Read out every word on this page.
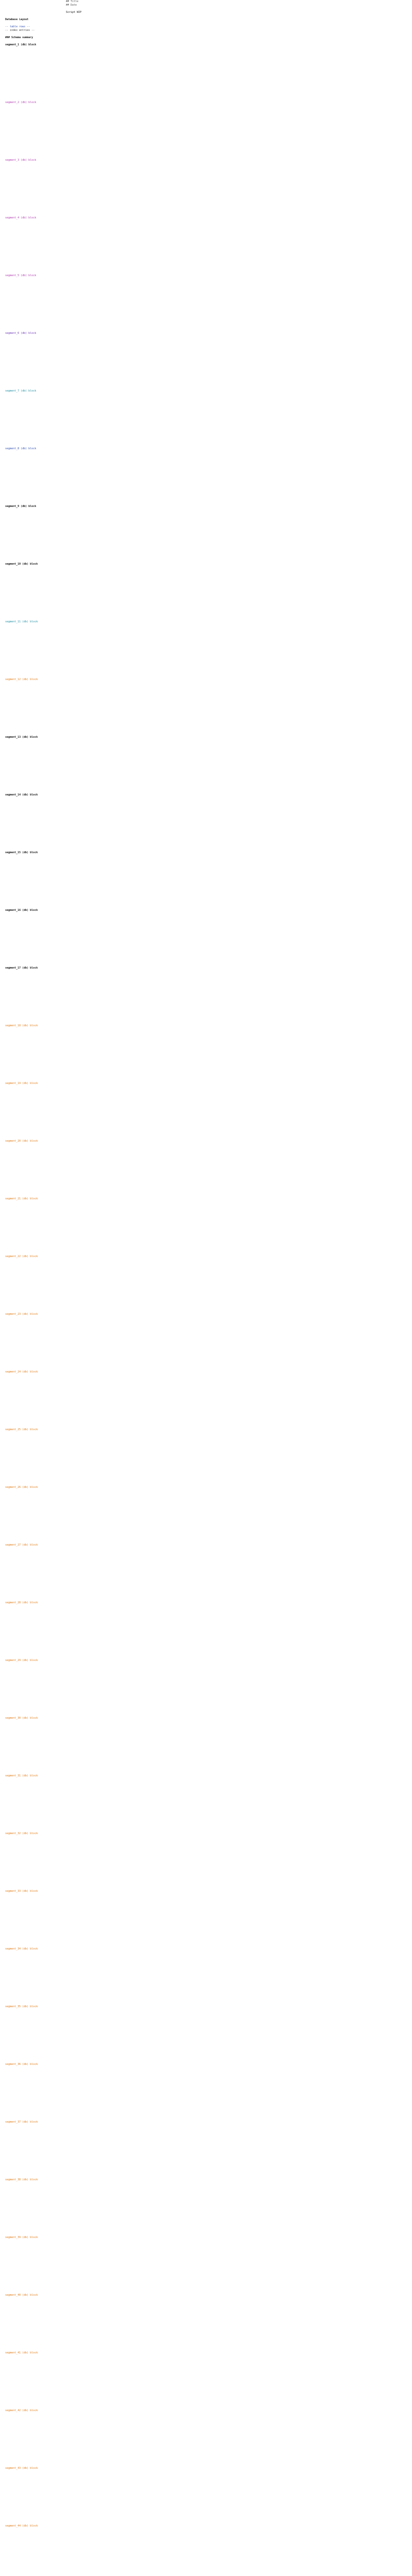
## Title
## Date
Script WIP
Database Layout
-- table rows --
-- index entries --
### Schema summary
segment_1 (db) block
segment_2 (db) block
segment_3 (db) block
segment_4 (db) block
segment_5 (db) block
segment_6 (db) block
segment_7 (db) block
segment_8 (db) block
segment_9 (db) block
segment_10 (db) block
segment_11 (db) block
segment_12 (db) block
segment_13 (db) block
segment_14 (db) block
segment_15 (db) block
segment_16 (db) block
segment_17 (db) block
segment_18 (db) block
segment_19 (db) block
segment_20 (db) block
segment_21 (db) block
segment_22 (db) block
segment_23 (db) block
segment_24 (db) block
segment_25 (db) block
segment_26 (db) block
segment_27 (db) block
segment_28 (db) block
segment_29 (db) block
segment_30 (db) block
segment_31 (db) block
segment_32 (db) block
segment_33 (db) block
segment_34 (db) block
segment_35 (db) block
segment_36 (db) block
segment_37 (db) block
segment_38 (db) block
segment_39 (db) block
segment_40 (db) block
segment_41 (db) block
segment_42 (db) block
segment_43 (db) block
segment_44 (db) block
